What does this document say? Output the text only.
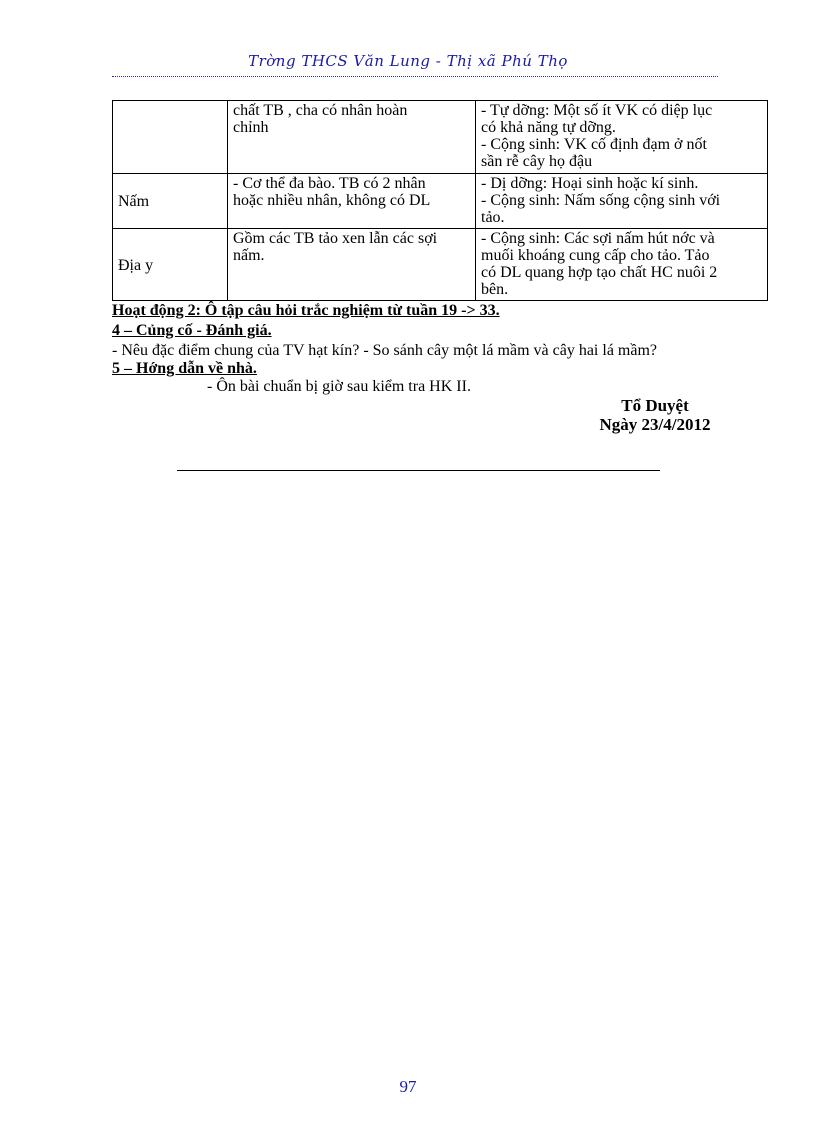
Trờng THCS Văn Lung - Thị xã Phú Thọ

	chất TB , cha có nhân hoàn
chỉnh	- Tự dỡng: Một số ít VK có diệp lục
có khả năng tự dỡng.
- Cộng sinh: VK cố định đạm ở nốt
sần rễ cây họ đậu

Nấm	- Cơ thể đa bào. TB có 2 nhân
hoặc nhiều nhân, không có DL	- Dị dỡng: Hoại sinh hoặc kí sinh.
- Cộng sinh: Nấm sống cộng sinh với
tảo.

Địa y	Gồm các TB tảo xen lẫn các sợi
nấm.	- Cộng sinh: Các sợi nấm hút nớc và
muối khoáng cung cấp cho tảo. Tảo
có DL quang hợp tạo chất HC nuôi 2
bên.
Hoạt động 2: Ô tập câu hỏi trắc nghiệm từ tuần 19 -> 33.
4 – Củng cố - Đánh giá.
- Nêu đặc điểm chung của TV hạt kín? - So sánh cây một lá mầm và cây hai lá mầm?
5 – Hớng dẫn về nhà.
- Ôn bài chuẩn bị giờ sau kiểm tra HK II.
Tổ Duyệt
Ngày 23/4/2012
97
